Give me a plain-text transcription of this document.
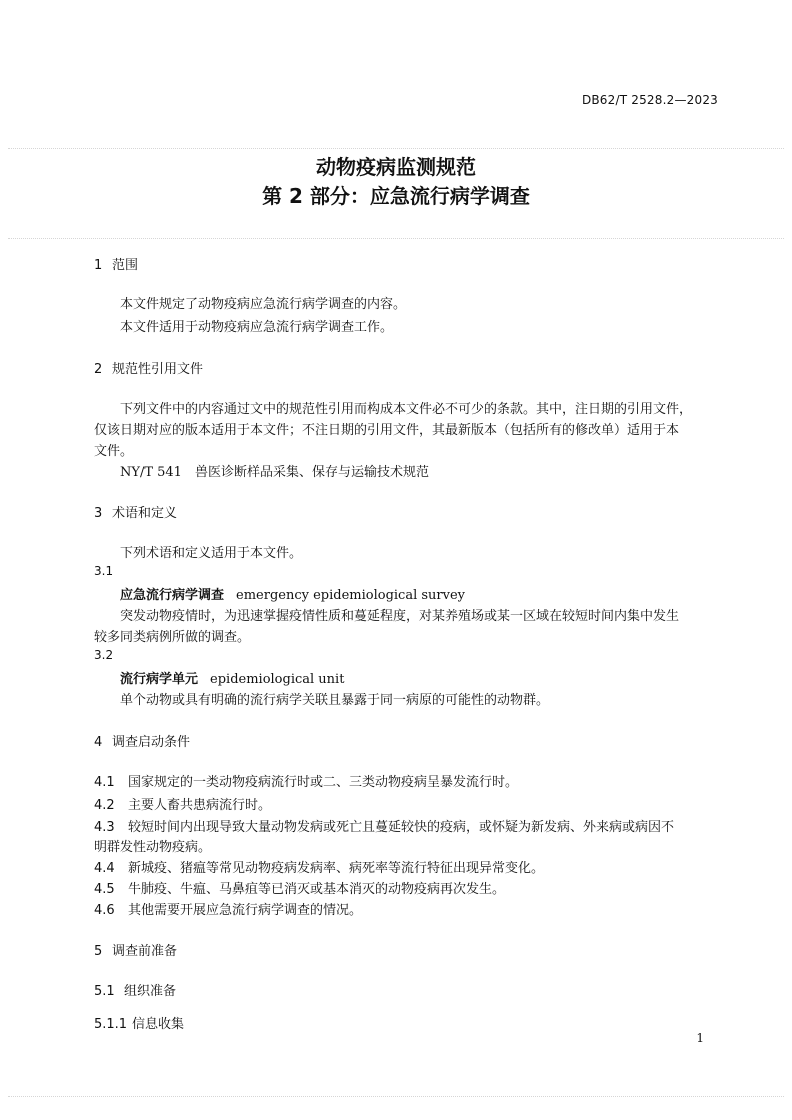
DB62/T 2528.2—2023
动物疫病监测规范
第 2 部分：应急流行病学调查
1 范围
本文件规定了动物疫病应急流行病学调查的内容。
本文件适用于动物疫病应急流行病学调查工作。
2 规范性引用文件
下列文件中的内容通过文中的规范性引用而构成本文件必不可少的条款。其中，注日期的引用文件，
仅该日期对应的版本适用于本文件；不注日期的引用文件，其最新版本（包括所有的修改单）适用于本
文件。
NY/T 541　兽医诊断样品采集、保存与运输技术规范
3 术语和定义
下列术语和定义适用于本文件。
3.1
应急流行病学调查 emergency epidemiological survey
突发动物疫情时，为迅速掌握疫情性质和蔓延程度，对某养殖场或某一区域在较短时间内集中发生
较多同类病例所做的调查。
3.2
流行病学单元 epidemiological unit
单个动物或具有明确的流行病学关联且暴露于同一病原的可能性的动物群。
4 调查启动条件
4.1 国家规定的一类动物疫病流行时或二、三类动物疫病呈暴发流行时。
4.2 主要人畜共患病流行时。
4.3 较短时间内出现导致大量动物发病或死亡且蔓延较快的疫病，或怀疑为新发病、外来病或病因不
明群发性动物疫病。
4.4 新城疫、猪瘟等常见动物疫病发病率、病死率等流行特征出现异常变化。
4.5 牛肺疫、牛瘟、马鼻疽等已消灭或基本消灭的动物疫病再次发生。
4.6 其他需要开展应急流行病学调查的情况。
5 调查前准备
5.1 组织准备
5.1.1 信息收集
1
